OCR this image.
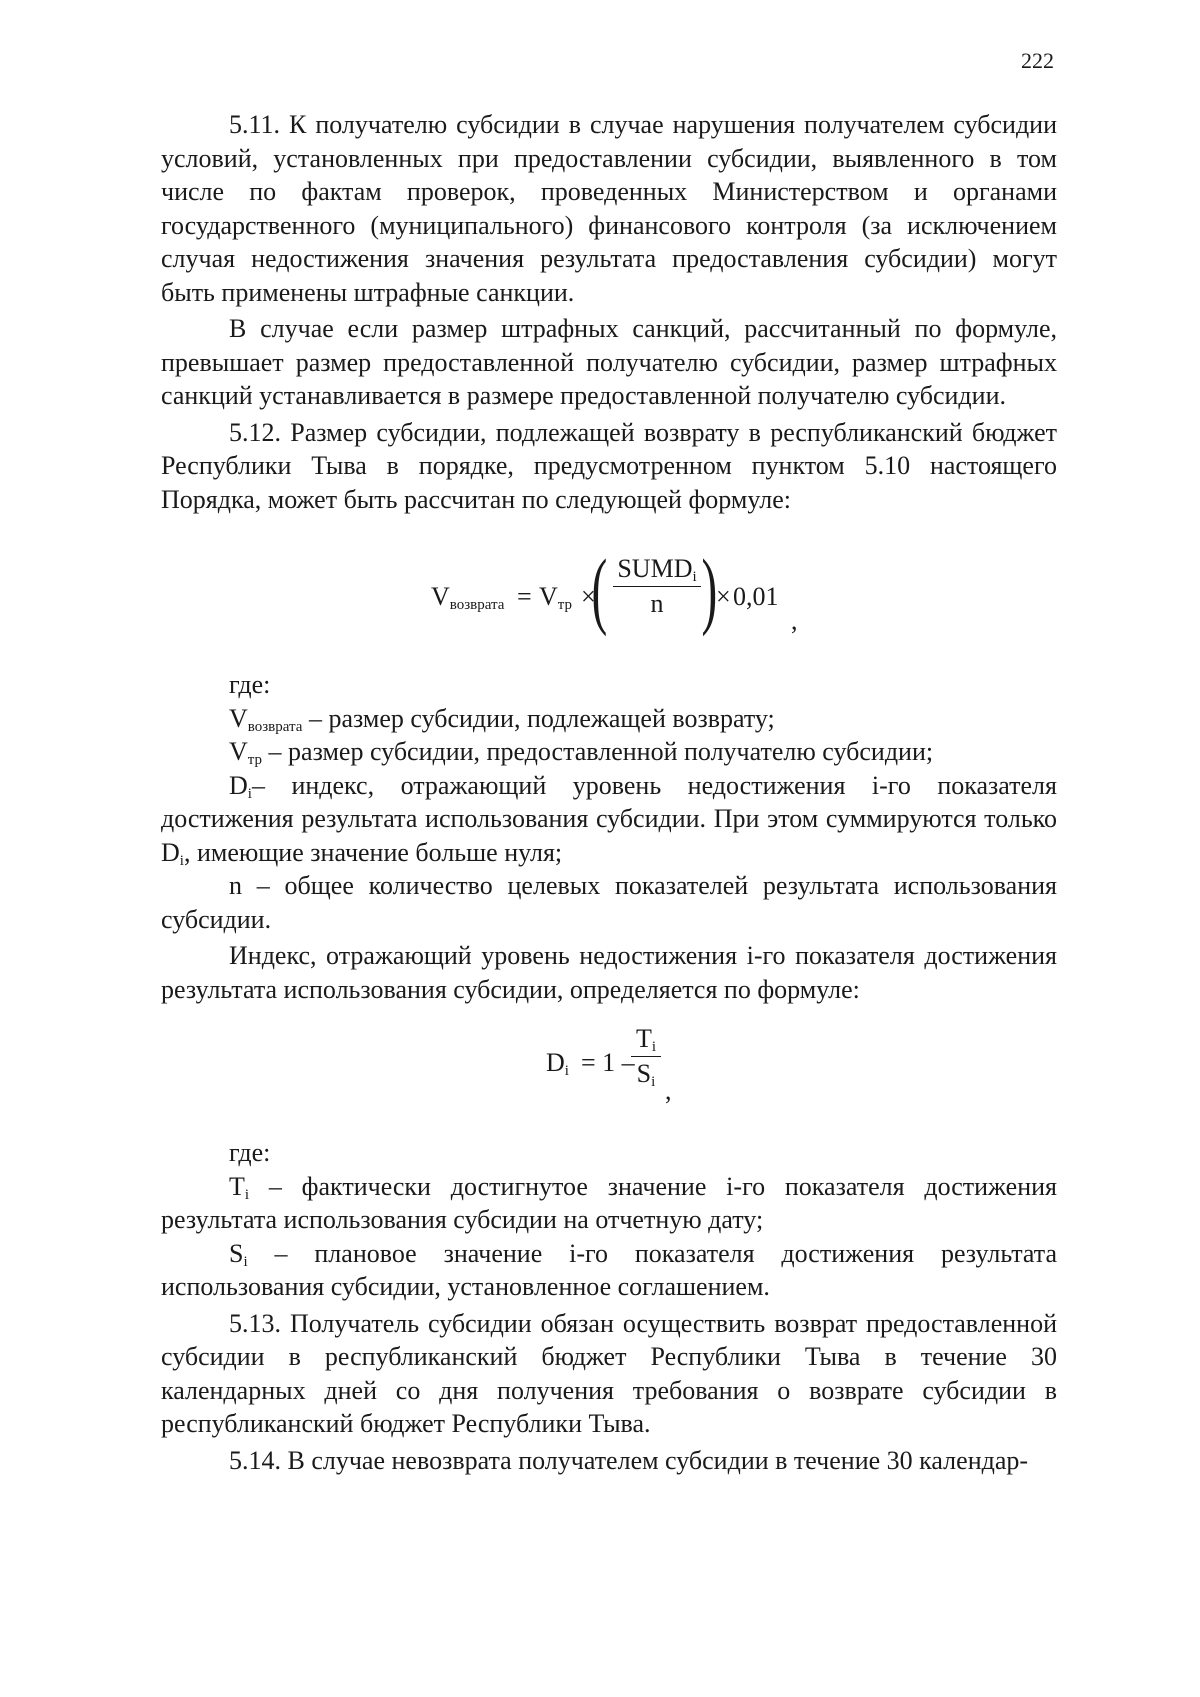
222

5.11. К получателю субсидии в случае нарушения получателем субсидии условий, установленных при предоставлении субсидии, выявленного в том числе по фактам проверок, проведенных Министерством и органами государственного (муниципального) финансового контроля (за исключением случая недостижения значения результата предоставления субсидии) могут быть применены штрафные санкции.

В случае если размер штрафных санкций, рассчитанный по формуле, превышает размер предоставленной получателю субсидии, размер штрафных санкций устанавливается в размере предоставленной получателю субсидии.

5.12. Размер субсидии, подлежащей возврату в республиканский бюджет Республики Тыва в порядке, предусмотренном пунктом 5.10 настоящего Порядка, может быть рассчитан по следующей формуле:

$V_{возврата} = V_{тр}$ ×
( $SUMD_i$
n )
× 0,01
,

где:

$V_{возврата}$ – размер субсидии, подлежащей возврату;

$V_{тр}$ – размер субсидии, предоставленной получателю субсидии;

$D_i-$ индекс, отражающий уровень недостижения i-го показателя достижения результата использования субсидии. При этом суммируются только $D_i$, имеющие значение больше нуля;

n – общее количество целевых показателей результата использования субсидии.

Индекс, отражающий уровень недостижения i-го показателя достижения результата использования субсидии, определяется по формуле:

$D_i = 1$ –
$\frac{T_i}{S_i}$
,

где:

$T_i$ – фактически достигнутое значение i-го показателя достижения результата использования субсидии на отчетную дату;

$S_i$ – плановое значение i-го показателя достижения результата использования субсидии, установленное соглашением.

5.13. Получатель субсидии обязан осуществить возврат предоставленной субсидии в республиканский бюджет Республики Тыва в течение 30 календарных дней со дня получения требования о возврате субсидии в республиканский бюджет Республики Тыва.

5.14. В случае невозврата получателем субсидии в течение 30 календар-
